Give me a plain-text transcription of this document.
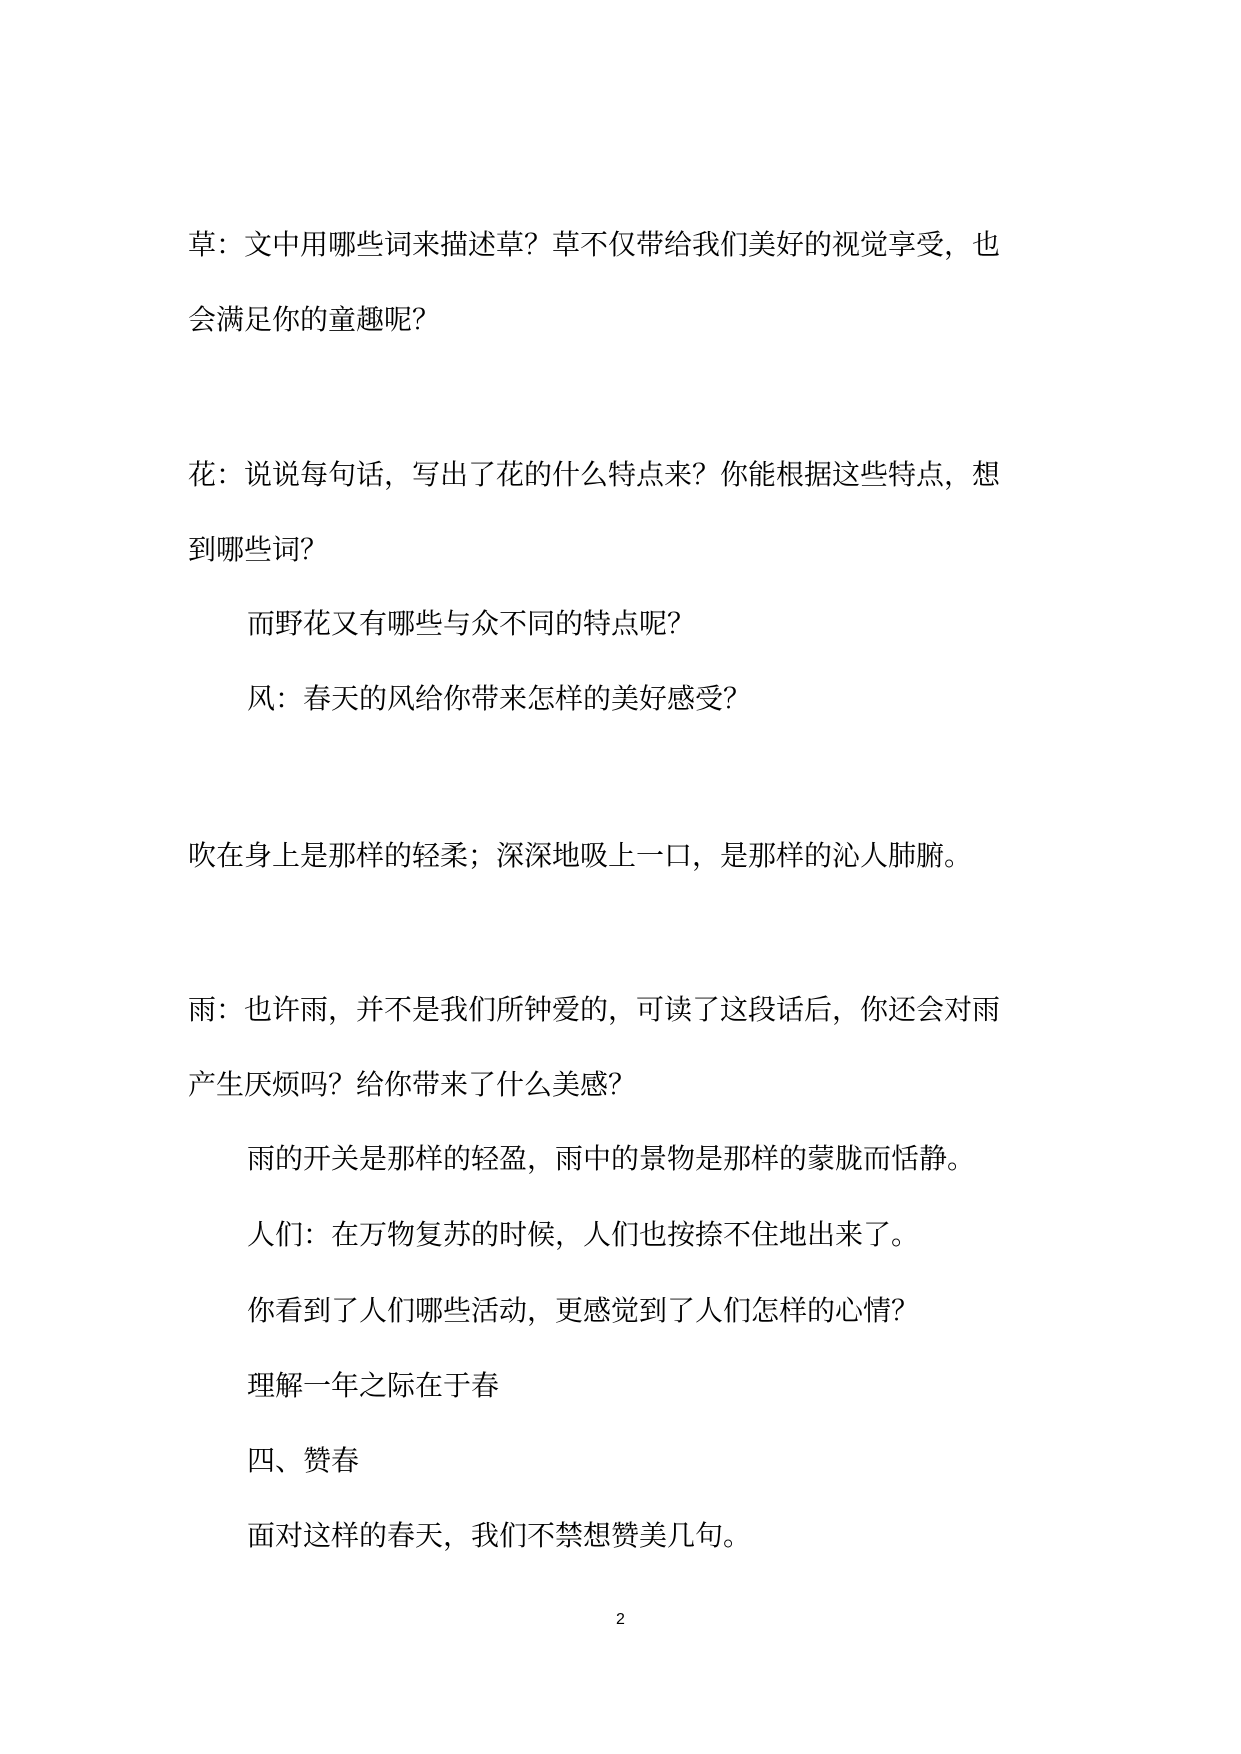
草：文中用哪些词来描述草？草不仅带给我们美好的视觉享受，也

会满足你的童趣呢？

花：说说每句话，写出了花的什么特点来？你能根据这些特点，想

到哪些词？

而野花又有哪些与众不同的特点呢？

风：春天的风给你带来怎样的美好感受？

吹在身上是那样的轻柔；深深地吸上一口，是那样的沁人肺腑。

雨：也许雨，并不是我们所钟爱的，可读了这段话后，你还会对雨

产生厌烦吗？给你带来了什么美感？

雨的开关是那样的轻盈，雨中的景物是那样的蒙胧而恬静。

人们：在万物复苏的时候，人们也按捺不住地出来了。

你看到了人们哪些活动，更感觉到了人们怎样的心情？

理解一年之际在于春

四、赞春

面对这样的春天，我们不禁想赞美几句。

2
